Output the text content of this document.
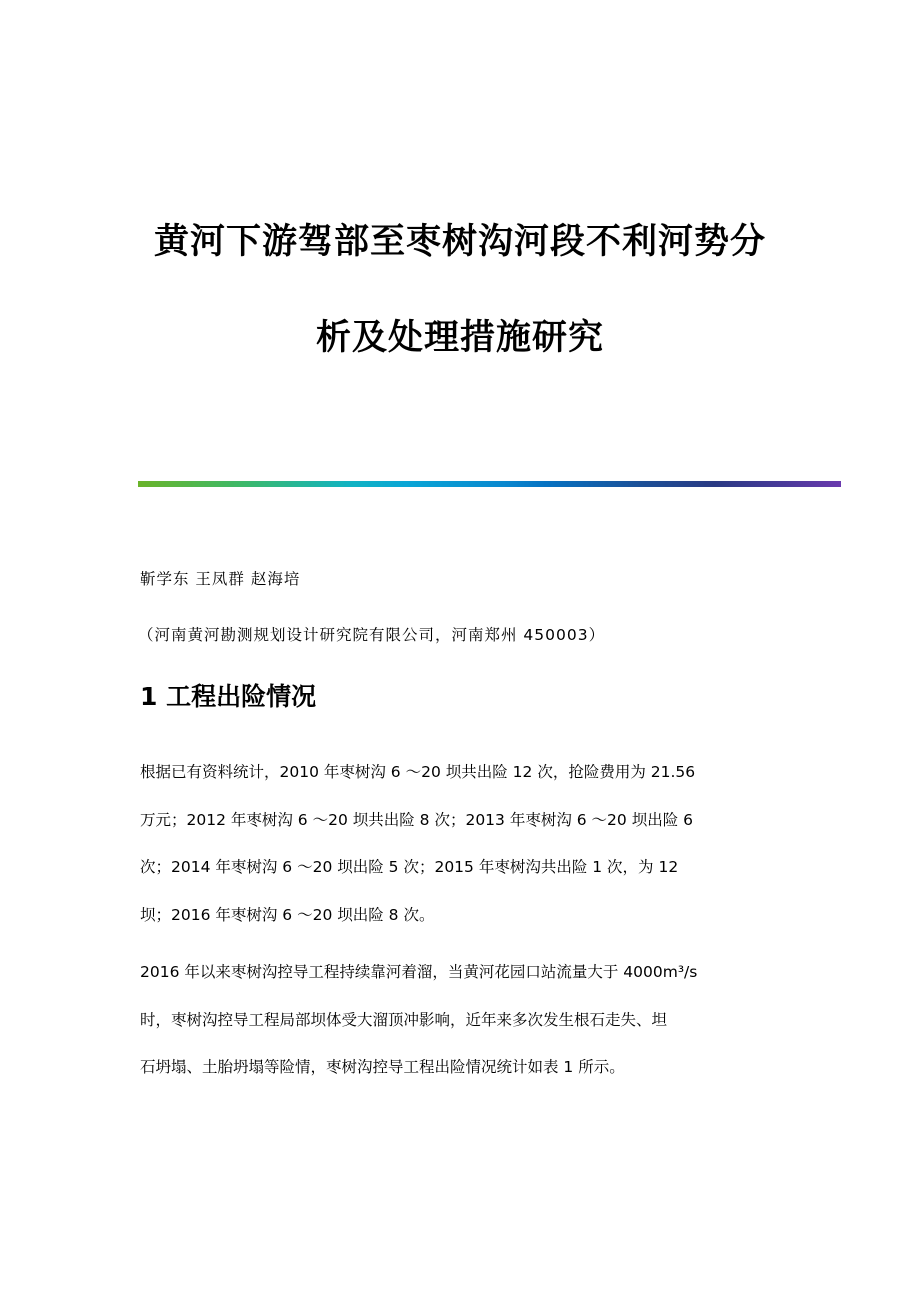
黄河下游驾部至枣树沟河段不利河势分
析及处理措施研究
靳学东 王凤群 赵海培
（河南黄河勘测规划设计研究院有限公司，河南郑州 450003）
1 工程出险情况
根据已有资料统计，2010 年枣树沟 6 ～20 坝共出险 12 次，抢险费用为 21.56
万元；2012 年枣树沟 6 ～20 坝共出险 8 次；2013 年枣树沟 6 ～20 坝出险 6
次；2014 年枣树沟 6 ～20 坝出险 5 次；2015 年枣树沟共出险 1 次，为 12
坝；2016 年枣树沟 6 ～20 坝出险 8 次。
2016 年以来枣树沟控导工程持续靠河着溜，当黄河花园口站流量大于 4000m³/s
时，枣树沟控导工程局部坝体受大溜顶冲影响，近年来多次发生根石走失、坦
石坍塌、土胎坍塌等险情，枣树沟控导工程出险情况统计如表 1 所示。
